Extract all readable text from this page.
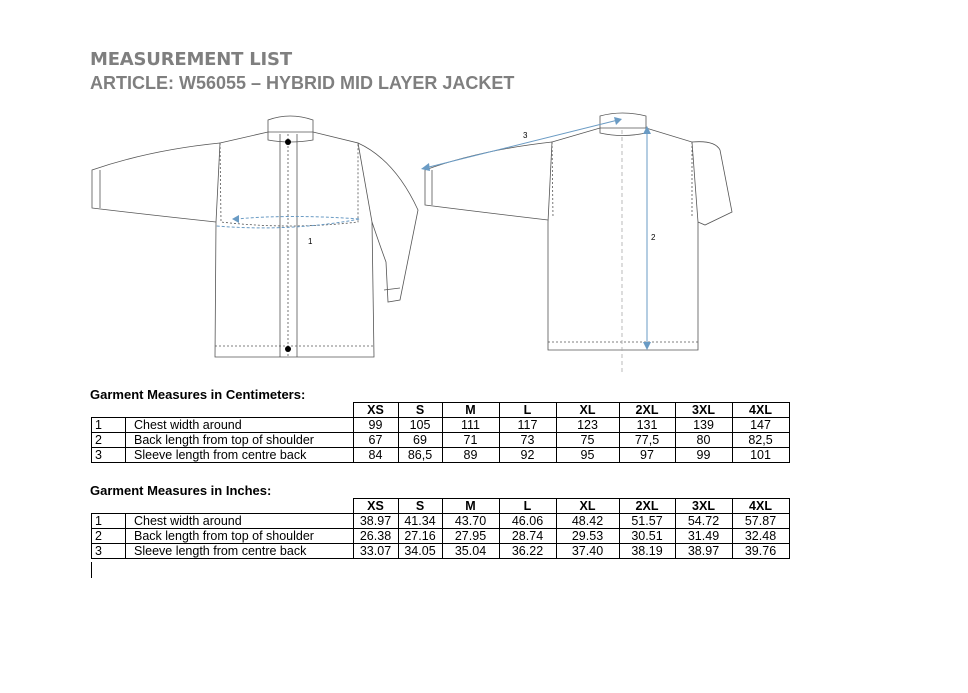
MEASUREMENT LIST
ARTICLE: W56055 – HYBRID MID LAYER JACKET
1	2
3
Garment Measures in Centimeters:
		XS	S	M	L	XL	2XL	3XL	4XL
1	Chest width around	99	105	111	117	123	131	139	147
2	Back length from top of shoulder	67	69	71	73	75	77,5	80	82,5
3	Sleeve length from centre back	84	86,5	89	92	95	97	99	101
Garment Measures in Inches:
		XS	S	M	L	XL	2XL	3XL	4XL
1	Chest width around	38.97	41.34	43.70	46.06	48.42	51.57	54.72	57.87
2	Back length from top of shoulder	26.38	27.16	27.95	28.74	29.53	30.51	31.49	32.48
3	Sleeve length from centre back	33.07	34.05	35.04	36.22	37.40	38.19	38.97	39.76
